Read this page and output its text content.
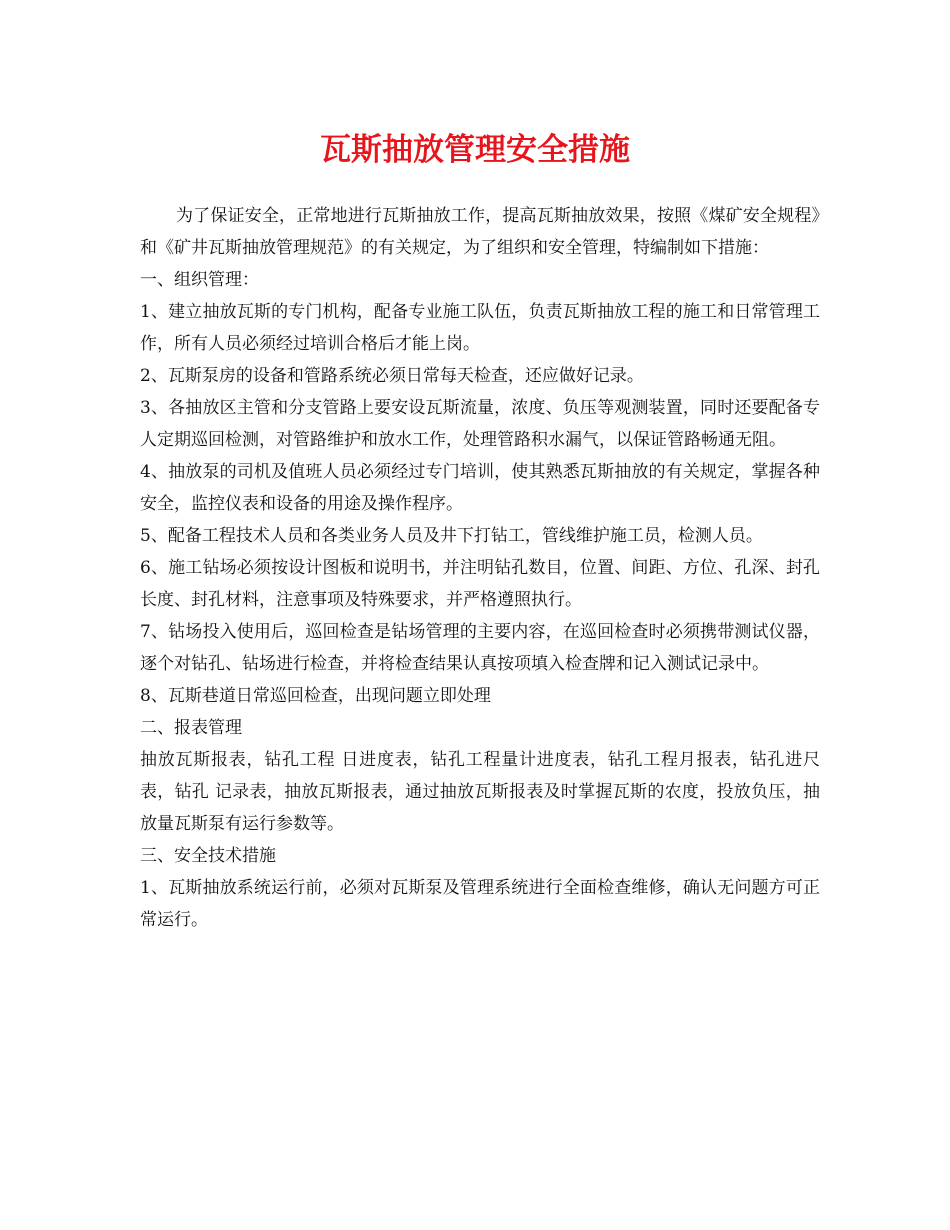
瓦斯抽放管理安全措施

为了保证安全，正常地进行瓦斯抽放工作，提高瓦斯抽放效果，按照《煤矿安全规程》和《矿井瓦斯抽放管理规范》的有关规定，为了组织和安全管理，特编制如下措施：

一、组织管理：

1、建立抽放瓦斯的专门机构，配备专业施工队伍，负责瓦斯抽放工程的施工和日常管理工作，所有人员必须经过培训合格后才能上岗。

2、瓦斯泵房的设备和管路系统必须日常每天检查，还应做好记录。

3、各抽放区主管和分支管路上要安设瓦斯流量，浓度、负压等观测装置，同时还要配备专人定期巡回检测，对管路维护和放水工作，处理管路积水漏气，以保证管路畅通无阻。

4、抽放泵的司机及值班人员必须经过专门培训，使其熟悉瓦斯抽放的有关规定，掌握各种安全，监控仪表和设备的用途及操作程序。

5、配备工程技术人员和各类业务人员及井下打钻工，管线维护施工员，检测人员。

6、施工钻场必须按设计图板和说明书，并注明钻孔数目，位置、间距、方位、孔深、封孔长度、封孔材料，注意事项及特殊要求，并严格遵照执行。

7、钻场投入使用后，巡回检查是钻场管理的主要内容，在巡回检查时必须携带测试仪器，逐个对钻孔、钻场进行检查，并将检查结果认真按项填入检查牌和记入测试记录中。

8、瓦斯巷道日常巡回检查，出现问题立即处理

二、报表管理

抽放瓦斯报表，钻孔工程 日进度表，钻孔工程量计进度表，钻孔工程月报表，钻孔进尺表，钻孔 记录表，抽放瓦斯报表，通过抽放瓦斯报表及时掌握瓦斯的农度，投放负压，抽放量瓦斯泵有运行参数等。

三、安全技术措施

1、瓦斯抽放系统运行前，必须对瓦斯泵及管理系统进行全面检查维修，确认无问题方可正常运行。
